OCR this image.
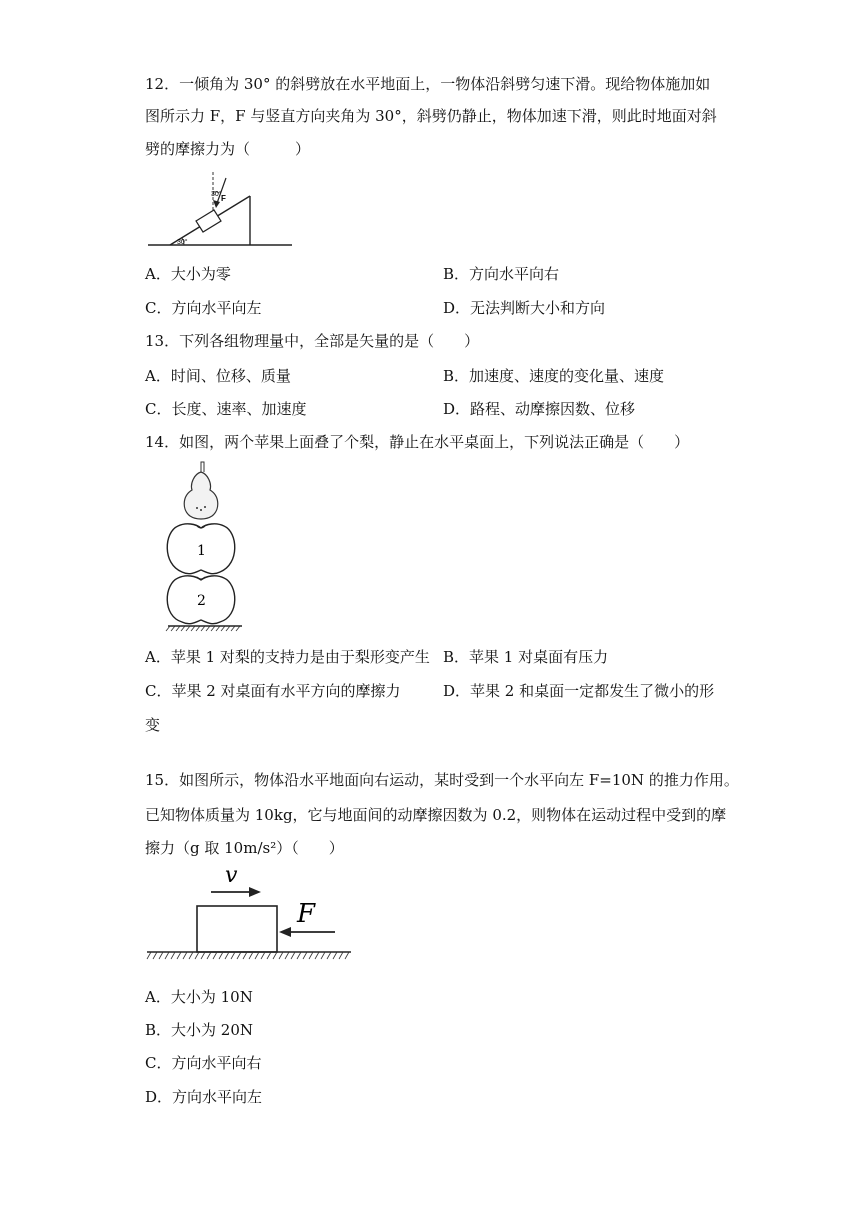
12．一倾角为 30° 的斜劈放在水平地面上，一物体沿斜劈匀速下滑。现给物体施加如
图所示力 F，F 与竖直方向夹角为 30°，斜劈仍静止，物体加速下滑，则此时地面对斜
劈的摩擦力为（　　　）
30° F
30°
A．大小为零	B．方向水平向右
C．方向水平向左	D．无法判断大小和方向
13．下列各组物理量中，全部是矢量的是（　　）
A．时间、位移、质量	B．加速度、速度的变化量、速度
C．长度、速率、加速度	D．路程、动摩擦因数、位移
14．如图，两个苹果上面叠了个梨，静止在水平桌面上，下列说法正确是（　　）
1
2
A．苹果 1 对梨的支持力是由于梨形变产生 B．苹果 1 对桌面有压力
C．苹果 2 对桌面有水平方向的摩擦力	D．苹果 2 和桌面一定都发生了微小的形
变
15．如图所示，物体沿水平地面向右运动，某时受到一个水平向左 F=10N 的推力作用。
已知物体质量为 10kg，它与地面间的动摩擦因数为 0.2，则物体在运动过程中受到的摩
擦力（g 取 10m/s²）（　　）
v
F
A．大小为 10N
B．大小为 20N
C．方向水平向右
D．方向水平向左
